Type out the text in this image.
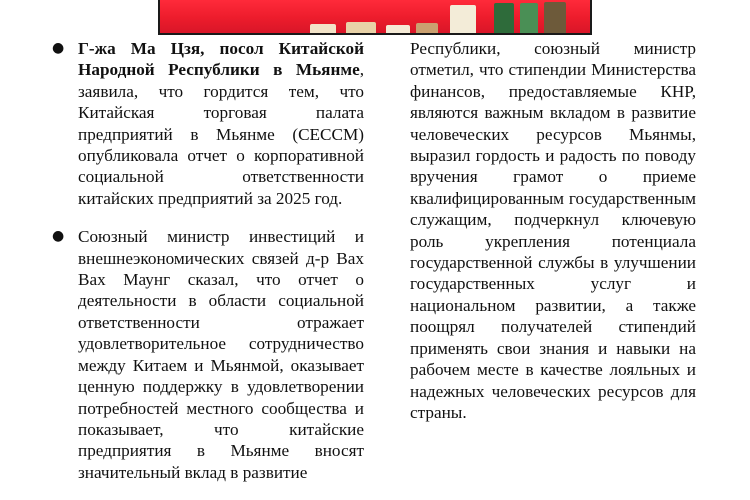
● Г-жа Ма Цзя, посол Китайской Народной Республики в Мьянме, заявила, что гордится тем, что Китайская торговая палата предприятий в Мьянме (CECCM) опубликовала отчет о корпоративной социальной ответственности китайских предприятий за 2025 год.

● Союзный министр инвестиций и внешнеэкономических связей д-р Вах Вах Маунг сказал, что отчет о деятельности в области социальной ответственности отражает удовлетворительное сотрудничество между Китаем и Мьянмой, оказывает ценную поддержку в удовлетворении потребностей местного сообщества и показывает, что китайские предприятия в Мьянме вносят значительный вклад в развитие

Республики, союзный министр отметил, что стипендии Министерства финансов, предоставляемые КНР, являются важным вкладом в развитие человеческих ресурсов Мьянмы, выразил гордость и радость по поводу вручения грамот о приеме квалифицированным государственным служащим, подчеркнул ключевую роль укрепления потенциала государственной службы в улучшении государственных услуг и национальном развитии, а также поощрял получателей стипендий применять свои знания и навыки на рабочем месте в качестве лояльных и надежных человеческих ресурсов для страны.
